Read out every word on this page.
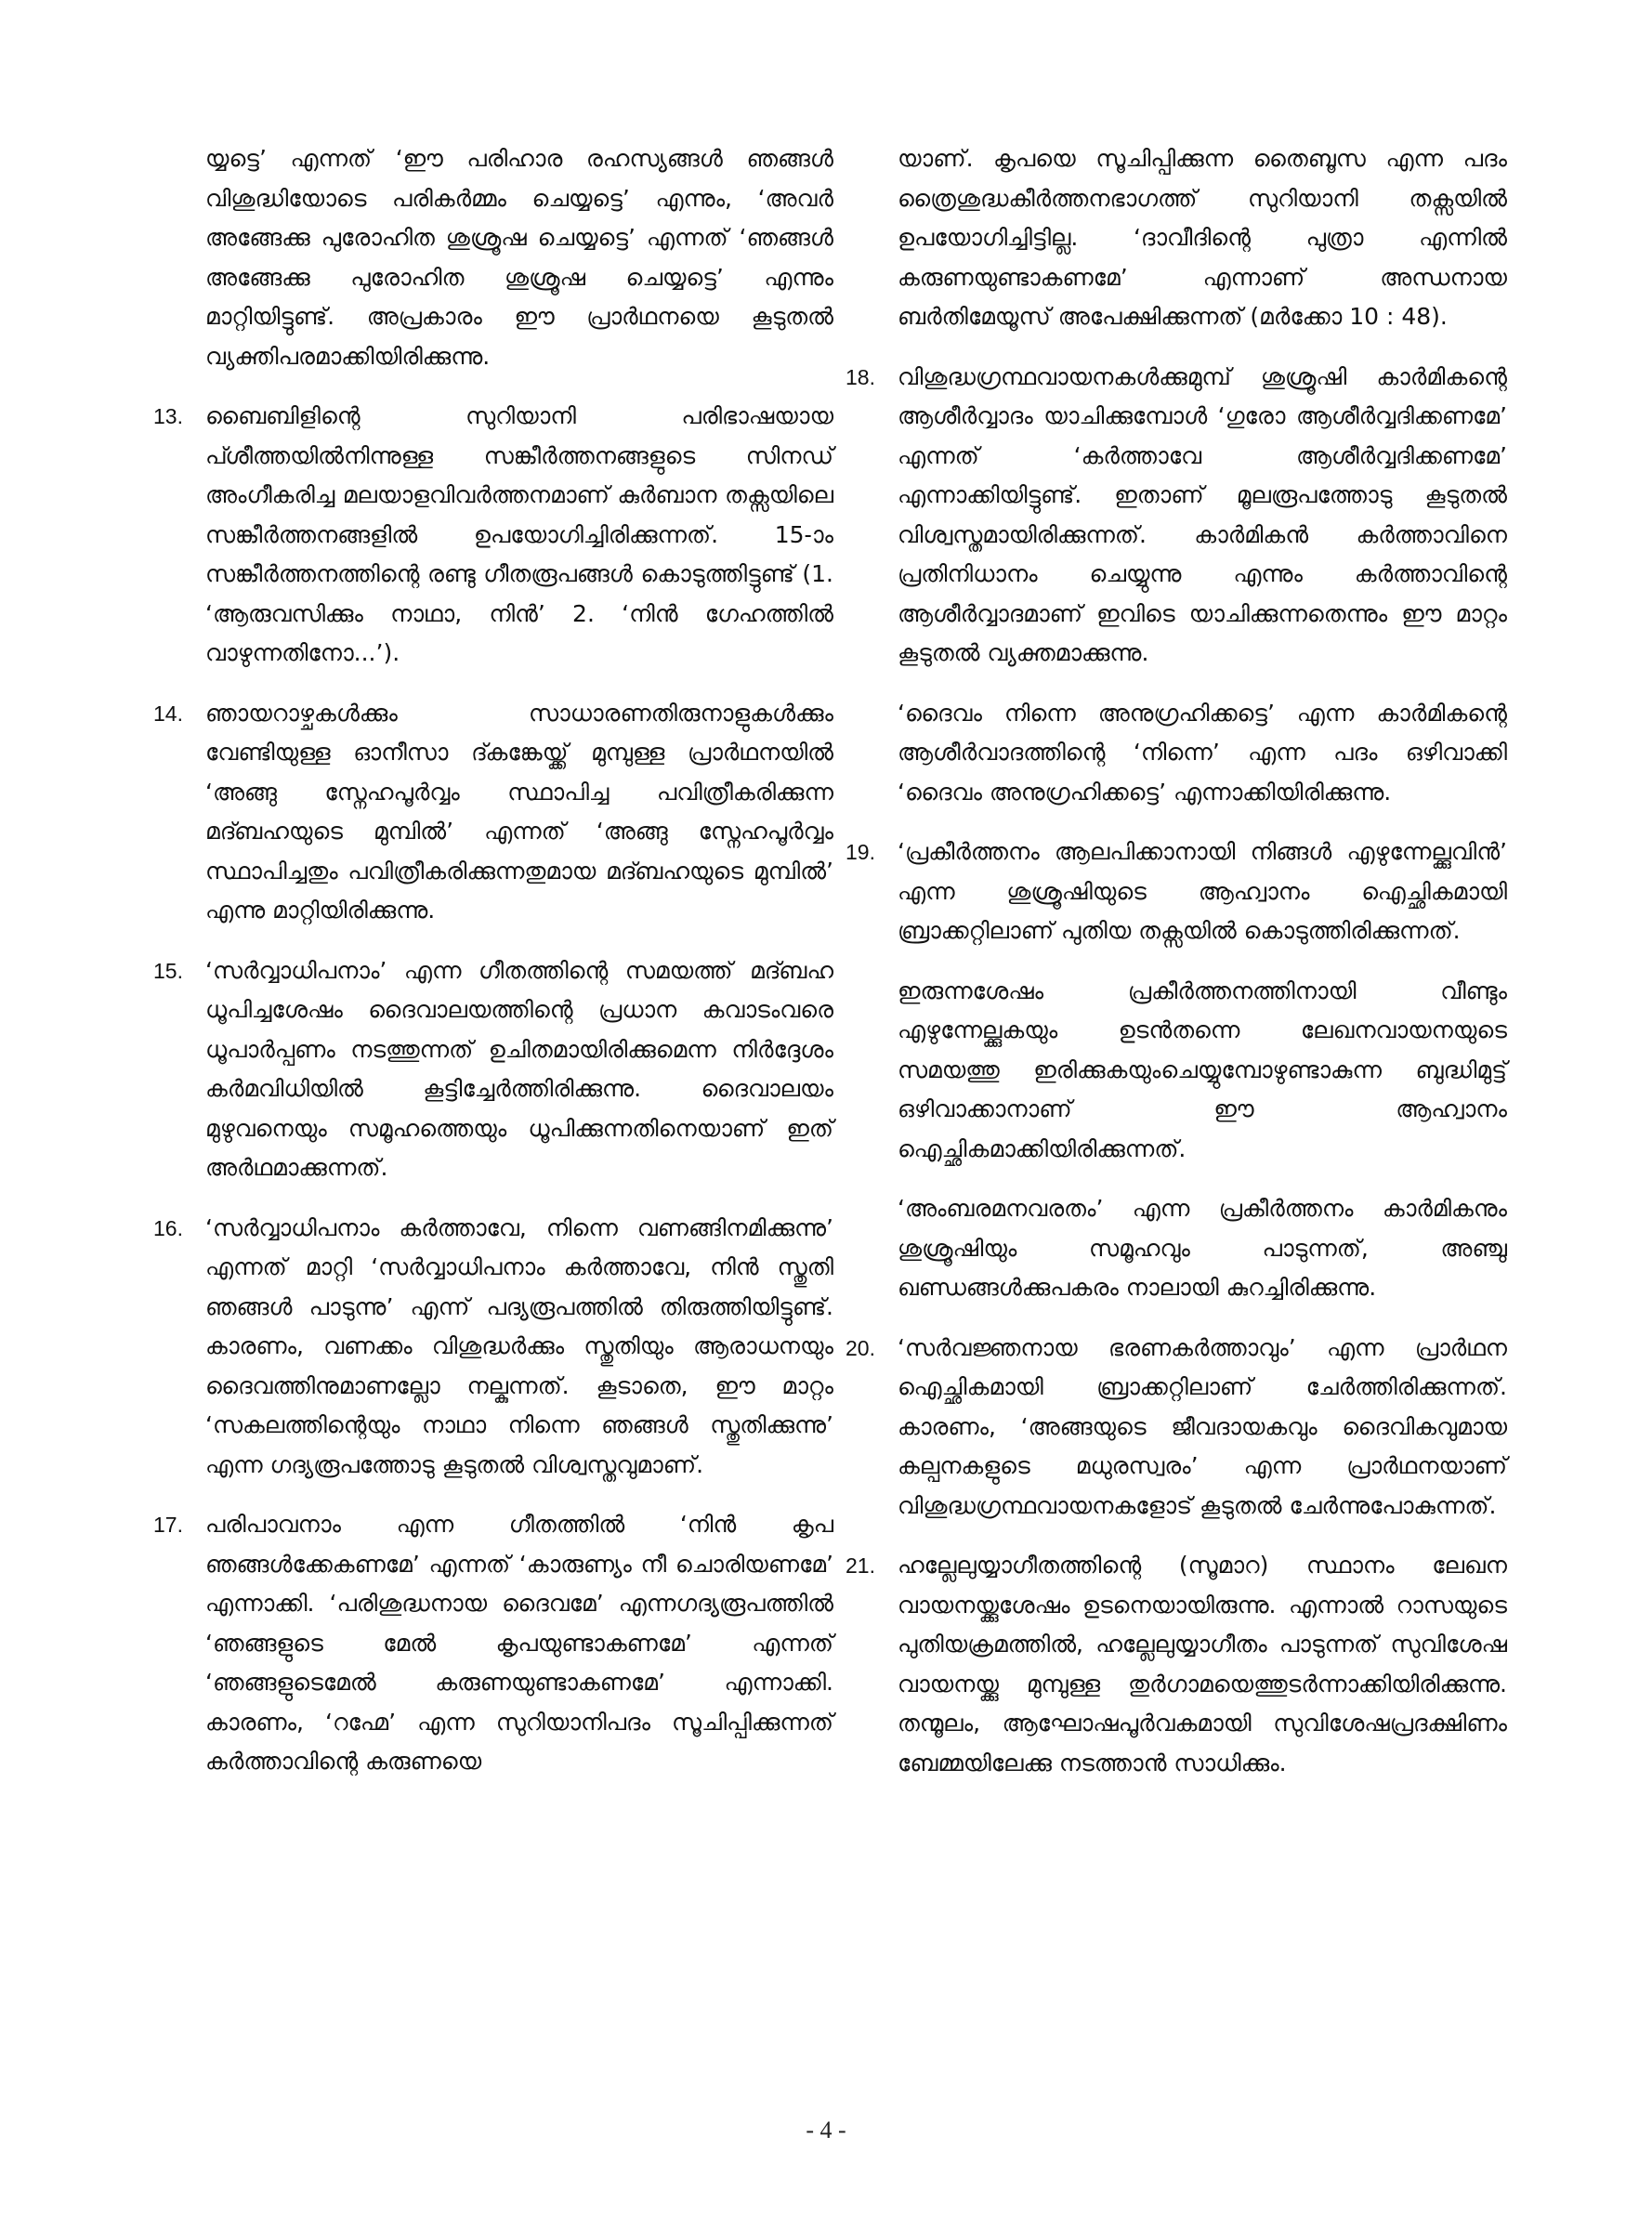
യ്യട്ടെ’ എന്നത് ‘ഈ പരിഹാര രഹസ്യങ്ങൾ ഞങ്ങൾ വിശുദ്ധിയോടെ പരികർമ്മം ചെയ്യട്ടെ’ എന്നും, ‘അവർ അങ്ങേക്കു പുരോഹിത ശുശ്രൂഷ ചെയ്യട്ടെ’ എന്നത് ‘ഞങ്ങൾ അങ്ങേക്കു പുരോഹിത ശുശ്രൂഷ ചെയ്യട്ടെ’ എന്നും മാറ്റിയിട്ടുണ്ട്. അപ്രകാരം ഈ പ്രാർഥനയെ കൂടുതൽ വ്യക്തിപരമാക്കിയിരിക്കുന്നു.

13. ബൈബിളിന്റെ സുറിയാനി പരിഭാഷയായ പ്ശീത്തയിൽനിന്നുള്ള സങ്കീർത്തനങ്ങളുടെ സിനഡ് അംഗീകരിച്ച മലയാളവിവർത്തനമാണ് കുർബാന തക്സയിലെ സങ്കീർത്തനങ്ങളിൽ ഉപയോഗിച്ചിരിക്കുന്നത്. 15-ാം സങ്കീർത്തനത്തിന്റെ രണ്ടു ഗീതരൂപങ്ങൾ കൊടുത്തിട്ടുണ്ട് (1. ‘ആരുവസിക്കും നാഥാ, നിൻ’ 2. ‘നിൻ ഗേഹത്തിൽ വാഴുന്നതിനോ...’).
14. ഞായറാഴ്ചകൾക്കും സാധാരണതിരുനാളുകൾക്കും വേണ്ടിയുള്ള ഓനീസാ ദ്കങ്കേയ്ക്ക് മുമ്പുള്ള പ്രാർഥനയിൽ ‘അങ്ങു സ്നേഹപൂർവ്വം സ്ഥാപിച്ച പവിത്രീകരിക്കുന്ന മദ്ബഹയുടെ മുമ്പിൽ’ എന്നത് ‘അങ്ങു സ്നേഹപൂർവ്വം സ്ഥാപിച്ചതും പവിത്രീകരിക്കുന്നതുമായ മദ്ബഹയുടെ മുമ്പിൽ’ എന്നു മാറ്റിയിരിക്കുന്നു.
15. ‘സർവ്വാധിപനാം’ എന്ന ഗീതത്തിന്റെ സമയത്ത് മദ്ബഹ ധൂപിച്ചശേഷം ദൈവാലയത്തിന്റെ പ്രധാന കവാടംവരെ ധൂപാർപ്പണം നടത്തുന്നത് ഉചിതമായിരിക്കുമെന്ന നിർദ്ദേശം കർമവിധിയിൽ കൂട്ടിച്ചേർത്തിരിക്കുന്നു. ദൈവാലയം മുഴുവനെയും സമൂഹത്തെയും ധൂപിക്കുന്നതിനെയാണ് ഇത് അർഥമാക്കുന്നത്.
16. ‘സർവ്വാധിപനാം കർത്താവേ, നിന്നെ വണങ്ങിനമിക്കുന്നു’ എന്നത് മാറ്റി ‘സർവ്വാധിപനാം കർത്താവേ, നിൻ സ്തുതി ഞങ്ങൾ പാടുന്നു’ എന്ന് പദ്യരൂപത്തിൽ തിരുത്തിയിട്ടുണ്ട്. കാരണം, വണക്കം വിശുദ്ധർക്കും സ്തുതിയും ആരാധനയും ദൈവത്തിനുമാണല്ലോ നല്കുന്നത്. കൂടാതെ, ഈ മാറ്റം ‘സകലത്തിന്റെയും നാഥാ നിന്നെ ഞങ്ങൾ സ്തുതിക്കുന്നു’ എന്ന ഗദ്യരൂപത്തോടു കൂടുതൽ വിശ്വസ്തവുമാണ്.
17. പരിപാവനാം എന്ന ഗീതത്തിൽ ‘നിൻ കൃപ ഞങ്ങൾക്കേകണമേ’ എന്നത് ‘കാരുണ്യം നീ ചൊരിയണമേ’ എന്നാക്കി. ‘പരിശുദ്ധനായ ദൈവമേ’ എന്നഗദ്യരൂപത്തിൽ ‘ഞങ്ങളുടെ മേൽ കൃപയുണ്ടാകണമേ’ എന്നത് ‘ഞങ്ങളുടെമേൽ കരുണയുണ്ടാകണമേ’ എന്നാക്കി. കാരണം, ‘റഹ്മേ’ എന്ന സുറിയാനിപദം സൂചിപ്പിക്കുന്നത് കർത്താവിന്റെ കരുണയെ

യാണ്. കൃപയെ സൂചിപ്പിക്കുന്ന തൈബൂസ എന്ന പദം ത്രൈശുദ്ധകീർത്തനഭാഗത്ത് സുറിയാനി തക്സയിൽ ഉപയോഗിച്ചിട്ടില്ല. ‘ദാവീദിന്റെ പുത്രാ എന്നിൽ കരുണയുണ്ടാകണമേ’ എന്നാണ് അന്ധനായ ബർതിമേയൂസ് അപേക്ഷിക്കുന്നത് (മർക്കോ 10 : 48).

18. വിശുദ്ധഗ്രന്ഥവായനകൾക്കുമുമ്പ് ശുശ്രൂഷി കാർമികന്റെ ആശീർവ്വാദം യാചിക്കുമ്പോൾ ‘ഗുരോ ആശീർവ്വദിക്കണമേ’ എന്നത് ‘കർത്താവേ ആശീർവ്വദിക്കണമേ’ എന്നാക്കിയിട്ടുണ്ട്. ഇതാണ് മൂലരൂപത്തോടു കൂടുതൽ വിശ്വസ്തമായിരിക്കുന്നത്. കാർമികൻ കർത്താവിനെ പ്രതിനിധാനം ചെയ്യുന്നു എന്നും കർത്താവിന്റെ ആശീർവ്വാദമാണ് ഇവിടെ യാചിക്കുന്നതെന്നും ഈ മാറ്റം കൂടുതൽ വ്യക്തമാക്കുന്നു.

‘ദൈവം നിന്നെ അനുഗ്രഹിക്കട്ടെ’ എന്ന കാർമികന്റെ ആശീർവാദത്തിന്റെ ‘നിന്നെ’ എന്ന പദം ഒഴിവാക്കി ‘ദൈവം അനുഗ്രഹിക്കട്ടെ’ എന്നാക്കിയിരിക്കുന്നു.

19. ‘പ്രകീർത്തനം ആലപിക്കാനായി നിങ്ങൾ എഴുന്നേല്ക്കുവിൻ’ എന്ന ശുശ്രൂഷിയുടെ ആഹ്വാനം ഐച്ഛികമായി ബ്രാക്കറ്റിലാണ് പുതിയ തക്സയിൽ കൊടുത്തിരിക്കുന്നത്.

ഇരുന്നശേഷം പ്രകീർത്തനത്തിനായി വീണ്ടും എഴുന്നേല്ക്കുകയും ഉടൻതന്നെ ലേഖനവായനയുടെ സമയത്തു ഇരിക്കുകയുംചെയ്യുമ്പോഴുണ്ടാകുന്ന ബുദ്ധിമുട്ട് ഒഴിവാക്കാനാണ് ഈ ആഹ്വാനം ഐച്ഛികമാക്കിയിരിക്കുന്നത്.

‘അംബരമനവരതം’ എന്ന പ്രകീർത്തനം കാർമികനും ശുശ്രൂഷിയും സമൂഹവും പാടുന്നത്, അഞ്ചു ഖണ്ഡങ്ങൾക്കുപകരം നാലായി കുറച്ചിരിക്കുന്നു.

20. ‘സർവജ്ഞനായ ഭരണകർത്താവും’ എന്ന പ്രാർഥന ഐച്ഛികമായി ബ്രാക്കറ്റിലാണ് ചേർത്തിരിക്കുന്നത്. കാരണം, ‘അങ്ങയുടെ ജീവദായകവും ദൈവികവുമായ കല്പനകളുടെ മധുരസ്വരം’ എന്ന പ്രാർഥനയാണ് വിശുദ്ധഗ്രന്ഥവായനകളോട് കൂടുതൽ ചേർന്നുപോകുന്നത്.
21. ഹല്ലേലുയ്യാഗീതത്തിന്റെ (സൂമാറ) സ്ഥാനം ലേഖന വായനയ്ക്കുശേഷം ഉടനെയായിരുന്നു. എന്നാൽ റാസയുടെ പുതിയക്രമത്തിൽ, ഹല്ലേലുയ്യാഗീതം പാടുന്നത് സുവിശേഷ വായനയ്ക്കു മുമ്പുള്ള തുർഗാമയെത്തുടർന്നാക്കിയിരിക്കുന്നു. തന്മൂലം, ആഘോഷപൂർവകമായി സുവിശേഷപ്രദക്ഷിണം ബേമ്മയിലേക്കു നടത്താൻ സാധിക്കും.
- 4 -
